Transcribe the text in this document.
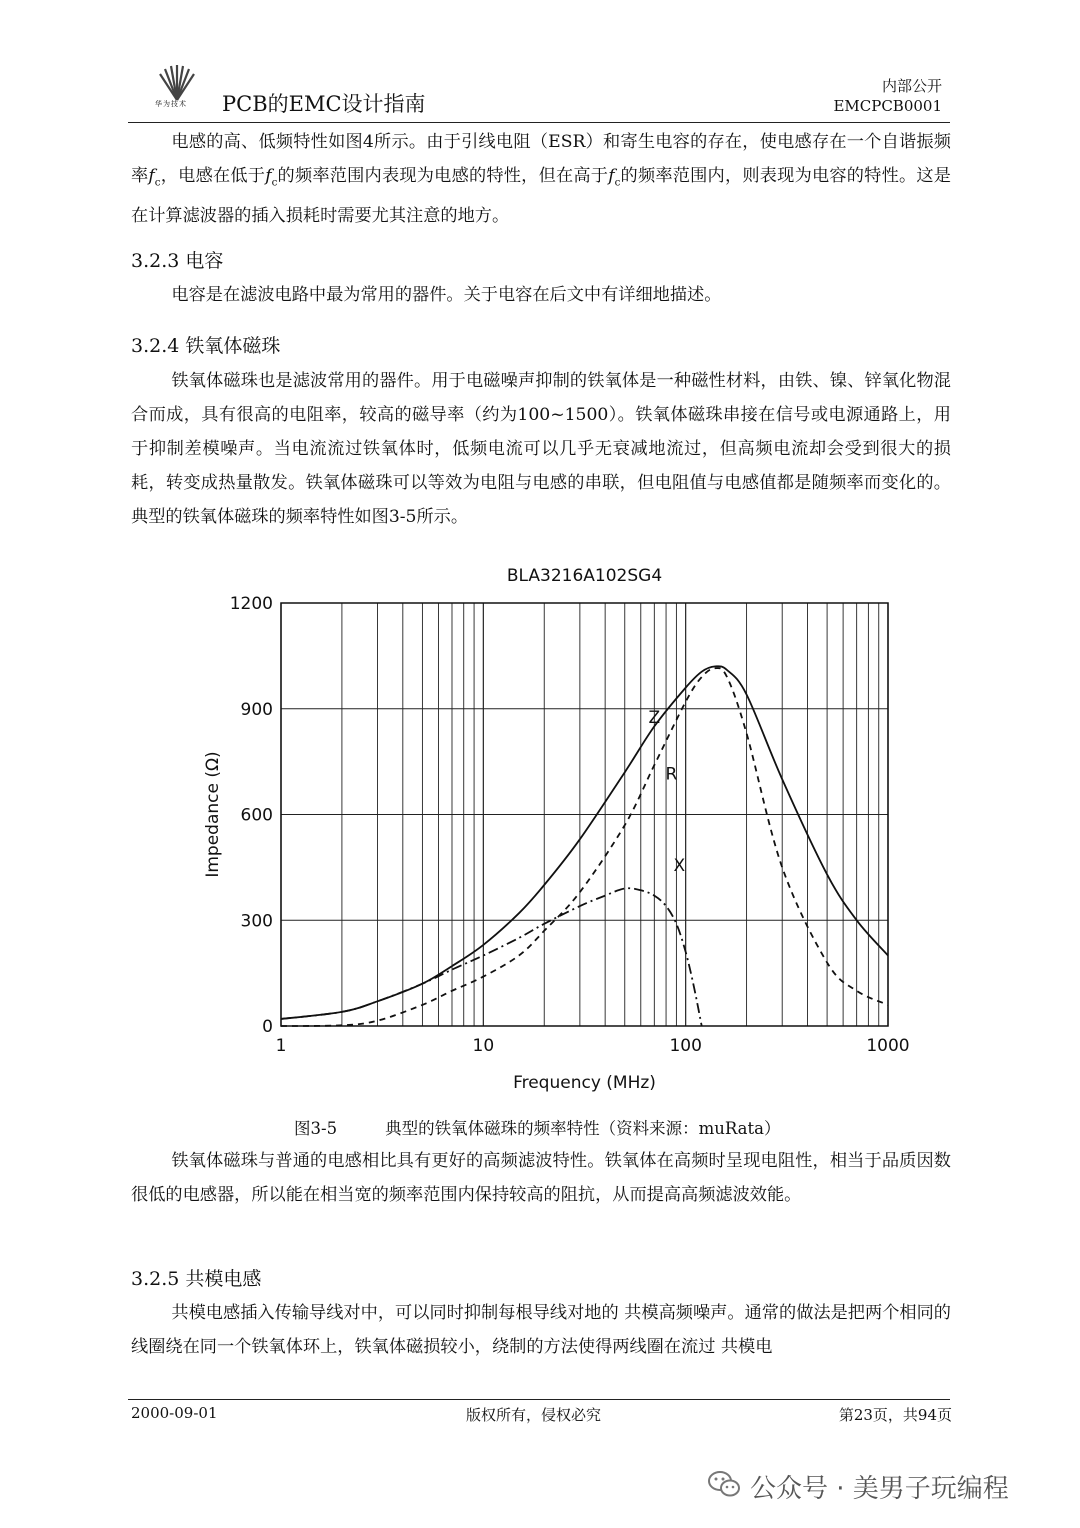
华为技术 PCB的EMC设计指南
内部公开
EMCPCB0001

电感的高、低频特性如图4所示。由于引线电阻（ESR）和寄生电容的存在，使电感存在一个自谐振频率$f_c$，电感在低于$f_c$的频率范围内表现为电感的特性，但在高于$f_c$的频率范围内，则表现为电容的特性。这是在计算滤波器的插入损耗时需要尤其注意的地方。

3.2.3 电容

电容是在滤波电路中最为常用的器件。关于电容在后文中有详细地描述。

3.2.4 铁氧体磁珠

铁氧体磁珠也是滤波常用的器件。用于电磁噪声抑制的铁氧体是一种磁性材料，由铁、镍、锌氧化物混合而成，具有很高的电阻率，较高的磁导率（约为100~1500）。铁氧体磁珠串接在信号或电源通路上，用于抑制差模噪声。当电流流过铁氧体时，低频电流可以几乎无衰减地流过，但高频电流却会受到很大的损耗，转变成热量散发。铁氧体磁珠可以等效为电阻与电感的串联，但电阻值与电感值都是随频率而变化的。典型的铁氧体磁珠的频率特性如图3-5所示。

1	10	100	1000
0
300
600
900
1200
BLA3216A102SG4
Frequency (MHz)
Impedance (Ω)
Z
R
X
图3-5	典型的铁氧体磁珠的频率特性（资料来源：muRata）

铁氧体磁珠与普通的电感相比具有更好的高频滤波特性。铁氧体在高频时呈现电阻性，相当于品质因数很低的电感器，所以能在相当宽的频率范围内保持较高的阻抗，从而提高高频滤波效能。

3.2.5 共模电感

共模电感插入传输导线对中，可以同时抑制每根导线对地的 共模高频噪声。通常的做法是把两个相同的线圈绕在同一个铁氧体环上，铁氧体磁损较小，绕制的方法使得两线圈在流过 共模电

2000-09-01	版权所有，侵权必究	第23页，共94页
公众号 · 美男子玩编程
